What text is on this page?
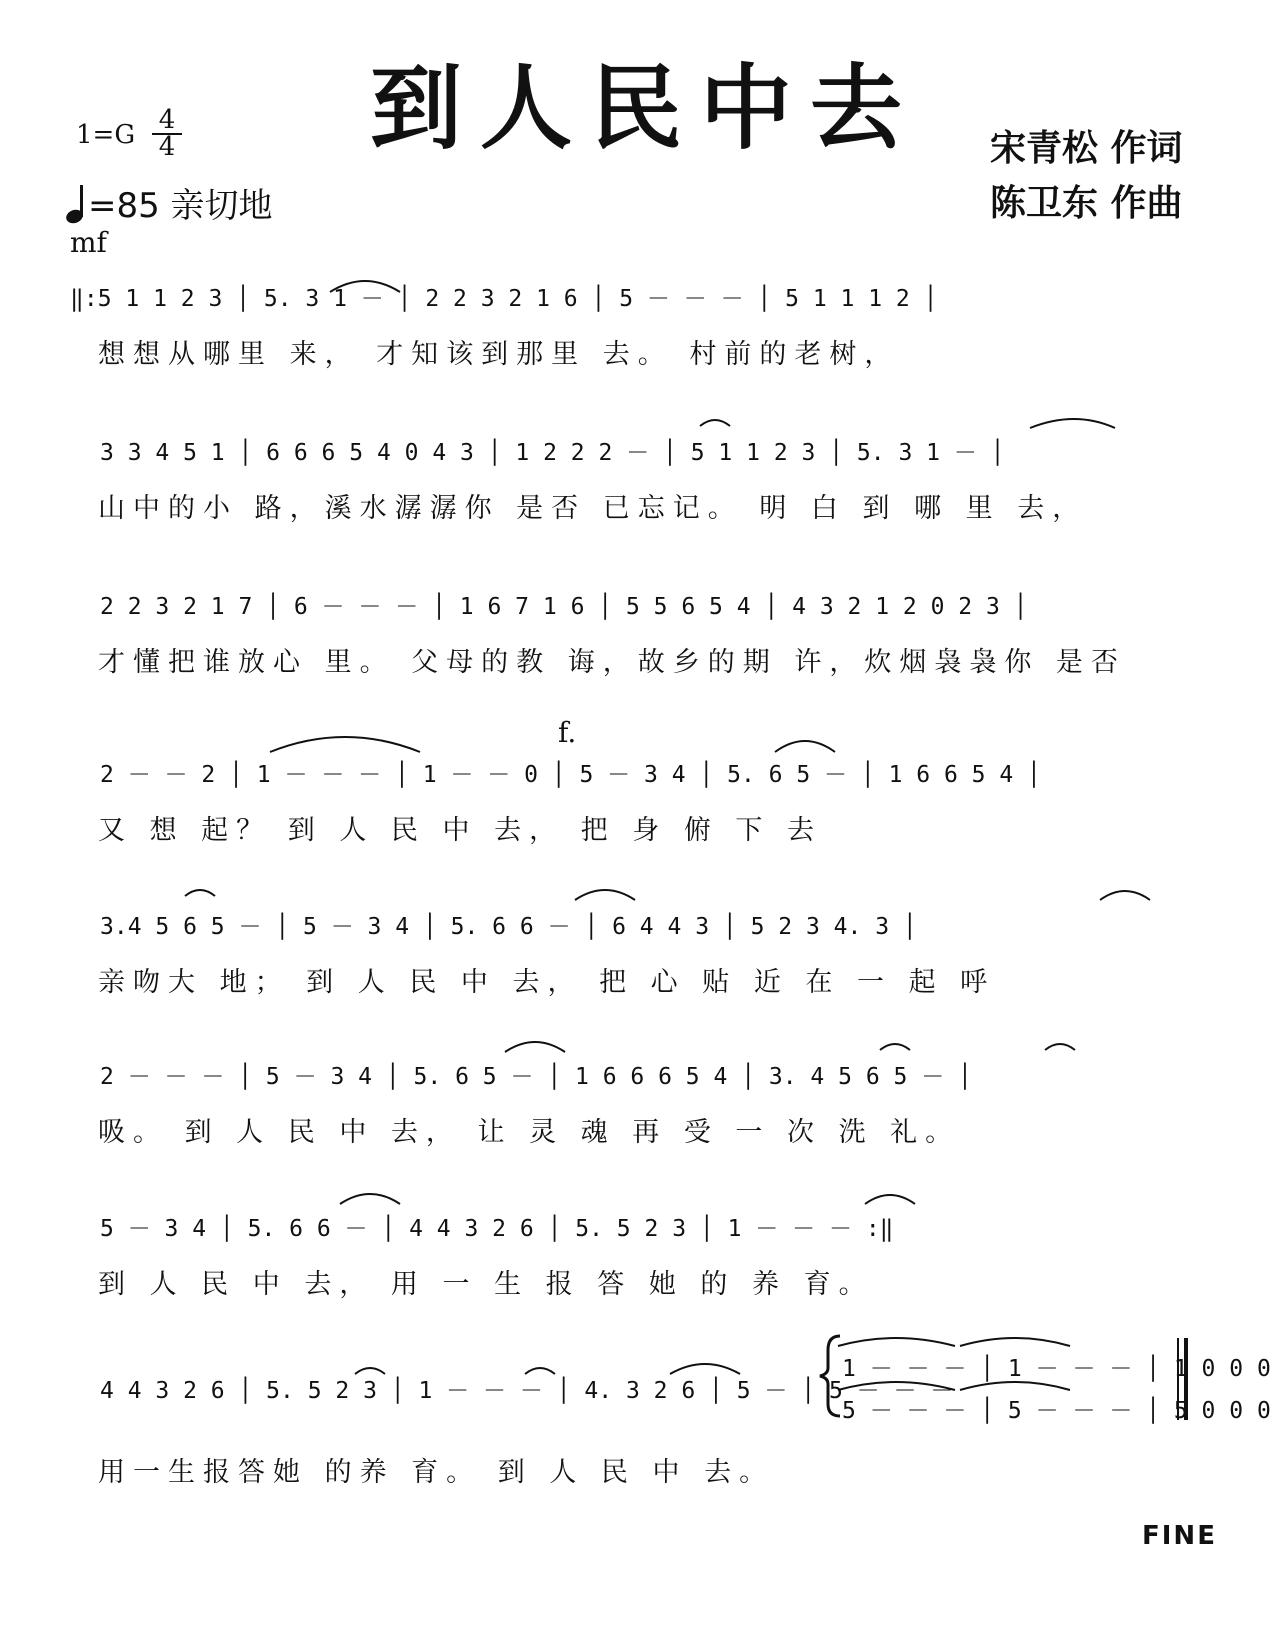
到人民中去
1=G 4
4
=85 亲切地
宋青松 作词
陈卫东 作曲
mf
‖:5 1 1 2 3 │ 5. 3 1 － │ 2 2 3 2 1 6 │ 5 － － － │ 5 1 1 1 2 │
想想从哪里 来， 才知该到那里 去。 村前的老树，
3 3 4 5 1 │ 6 6 6 5 4 0 4 3 │ 1 2 2 2 － │ 5 1 1 2 3 │ 5. 3 1 － │
山中的小 路，溪水潺潺你 是否 已忘记。 明 白 到 哪 里 去，
2 2 3 2 1 7 │ 6 － － － │ 1 6 7 1 6 │ 5 5 6 5 4 │ 4 3 2 1 2 0 2 3 │
才懂把谁放心 里。 父母的教 诲，故乡的期 许，炊烟袅袅你 是否
f.
2 － － 2 │ 1 － － － │ 1 － － 0 │ 5 － 3 4 │ 5. 6 5 － │ 1 6 6 5 4 │
又 想 起？ 到 人 民 中 去， 把 身 俯 下 去
3.4 5 6 5 － │ 5 － 3 4 │ 5. 6 6 － │ 6 4 4 3 │ 5 2 3 4. 3 │
亲吻大 地； 到 人 民 中 去， 把 心 贴 近 在 一 起 呼
2 － － － │ 5 － 3 4 │ 5. 6 5 － │ 1 6 6 6 5 4 │ 3. 4 5 6 5 － │
吸。 到 人 民 中 去， 让 灵 魂 再 受 一 次 洗 礼。
5 － 3 4 │ 5. 6 6 － │ 4 4 3 2 6 │ 5. 5 2 3 │ 1 － － － :‖
到 人 民 中 去， 用 一 生 报 答 她 的 养 育。
4 4 3 2 6 │ 5. 5 2 3 │ 1 － － － │ 4. 3 2 6 │ 5 － │ 5 － － －
1 － － － │ 1 － － － │ 1 0 0 0
5 － － － │ 5 － － － │ 5 0 0 0
用一生报答她 的养 育。 到 人 民 中 去。
FINE
